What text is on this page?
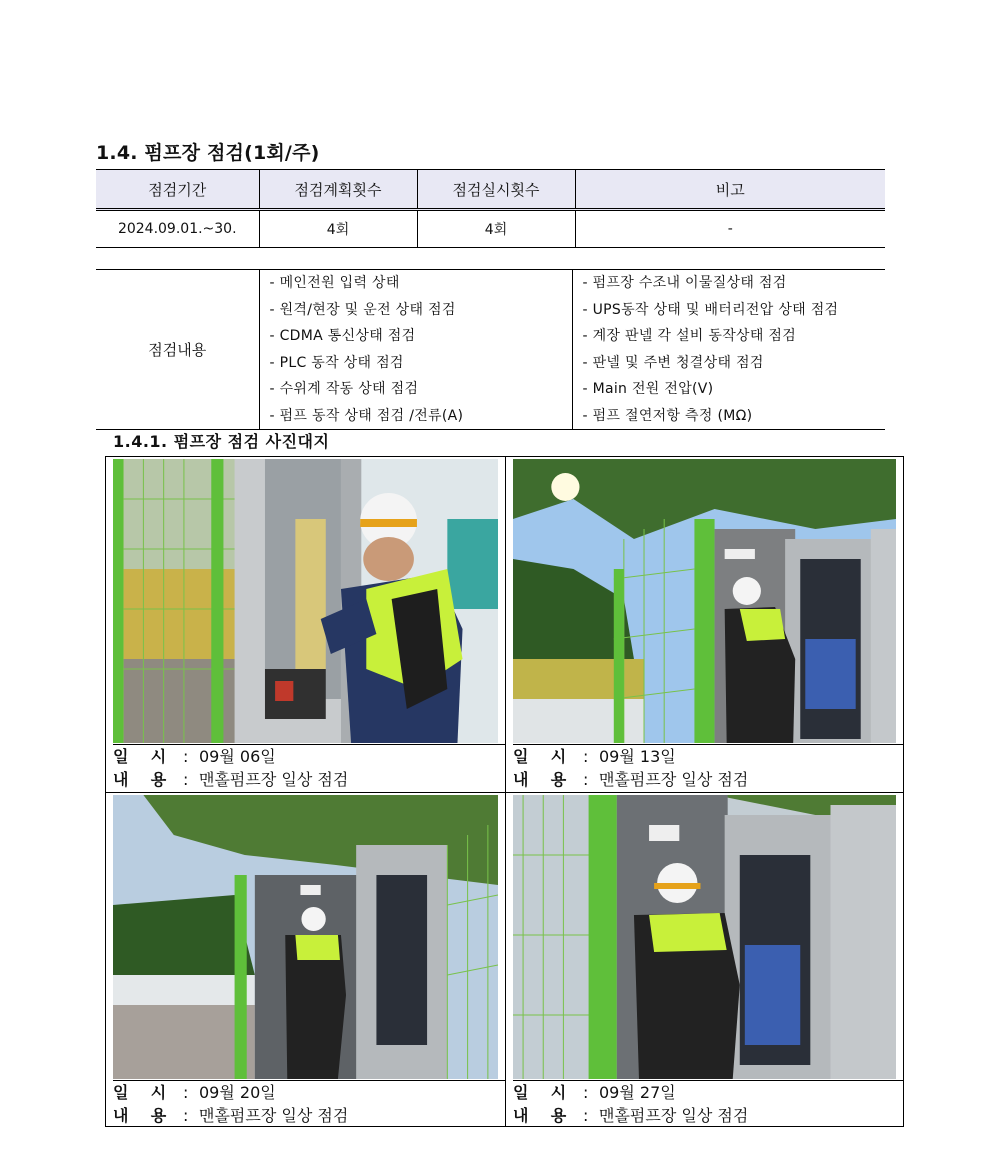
1.4. 펌프장 점검(1회/주)
점검기간	점검계획횟수	점검실시횟수	비고
2024.09.01.~30.	4회	4회	-
점검내용	
- 메인전원 입력 상태
- 원격/현장 및 운전 상태 점검
- CDMA 통신상태 점검
- PLC 동작 상태 점검
- 수위계 작동 상태 점검
- 펌프 동작 상태 점검 /전류(A)

- 펌프장 수조내 이물질상태 점검
- UPS동작 상태 및 배터리전압 상태 점검
- 계장 판넬 각 설비 동작상태 점검
- 판넬 및 주변 청결상태 점검
- Main 전원 전압(V)
- 펌프 절연저항 측정 (MΩ)
1.4.1. 펌프장 점검 사진대지
일    시 : 09월 06일
내    용 : 맨홀펌프장 일상 점검
일    시 : 09월 13일
내    용 : 맨홀펌프장 일상 점검
일    시 : 09월 20일
내    용 : 맨홀펌프장 일상 점검
일    시 : 09월 27일
내    용 : 맨홀펌프장 일상 점검
